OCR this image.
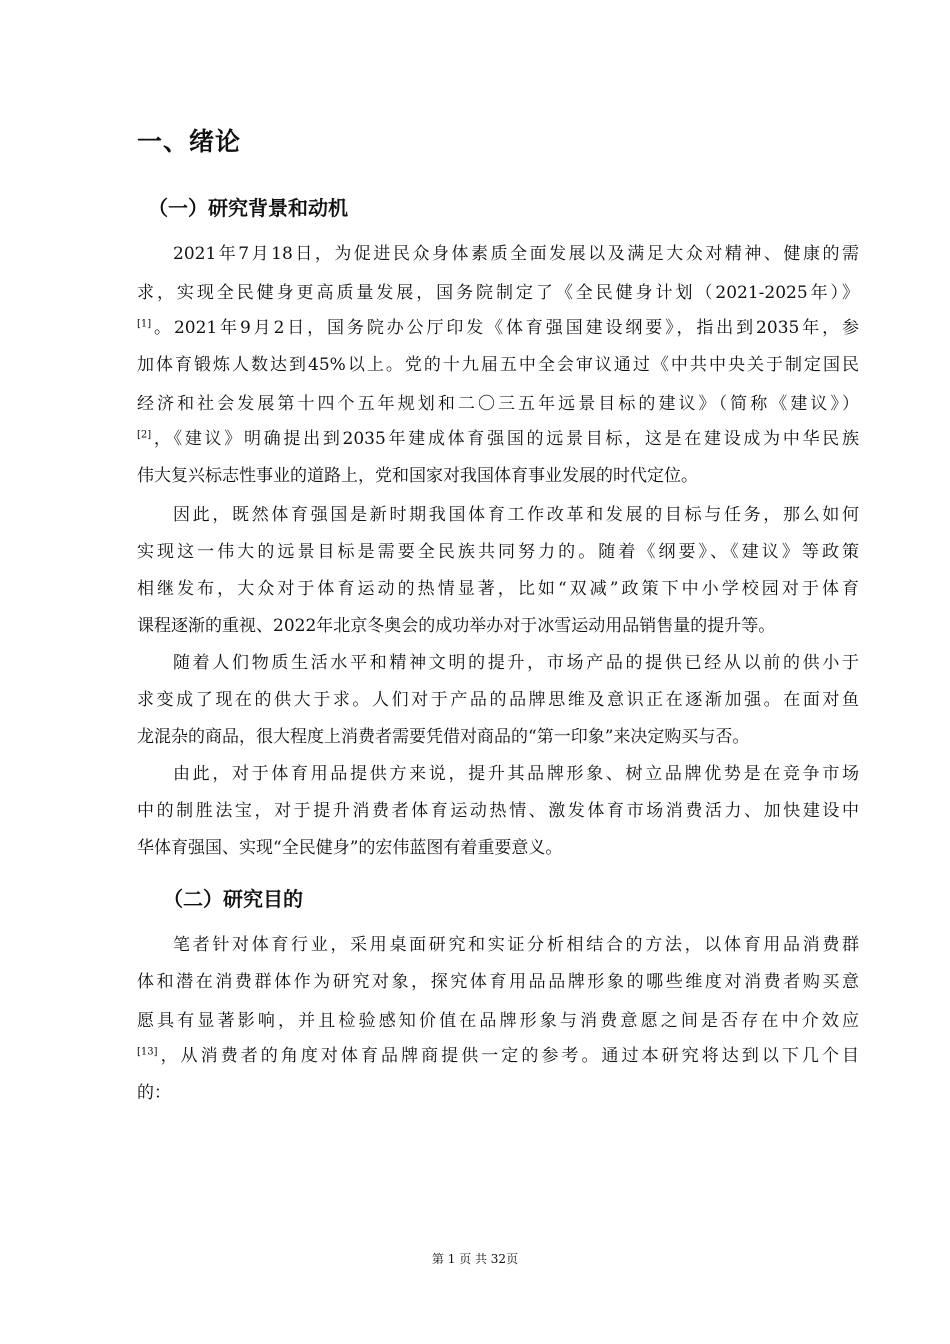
一、绪论
（一）研究背景和动机
2021年7月18日，为促进民众身体素质全面发展以及满足大众对精神、健康的需
求，实现全民健身更高质量发展，国务院制定了《全民健身计划（2021-2025年）》
[1]。2021年9月2日，国务院办公厅印发《体育强国建设纲要》，指出到2035年，参
加体育锻炼人数达到45%以上。党的十九届五中全会审议通过《中共中央关于制定国民
经济和社会发展第十四个五年规划和二〇三五年远景目标的建议》（简称《建议》）
[2]，《建议》明确提出到2035年建成体育强国的远景目标，这是在建设成为中华民族
伟大复兴标志性事业的道路上，党和国家对我国体育事业发展的时代定位。
因此，既然体育强国是新时期我国体育工作改革和发展的目标与任务，那么如何
实现这一伟大的远景目标是需要全民族共同努力的。随着《纲要》、《建议》等政策
相继发布，大众对于体育运动的热情显著，比如“双减”政策下中小学校园对于体育
课程逐渐的重视、2022年北京冬奥会的成功举办对于冰雪运动用品销售量的提升等。
随着人们物质生活水平和精神文明的提升，市场产品的提供已经从以前的供小于
求变成了现在的供大于求。人们对于产品的品牌思维及意识正在逐渐加强。在面对鱼
龙混杂的商品，很大程度上消费者需要凭借对商品的“第一印象”来决定购买与否。
由此，对于体育用品提供方来说，提升其品牌形象、树立品牌优势是在竞争市场
中的制胜法宝，对于提升消费者体育运动热情、激发体育市场消费活力、加快建设中
华体育强国、实现“全民健身”的宏伟蓝图有着重要意义。
（二）研究目的
笔者针对体育行业，采用桌面研究和实证分析相结合的方法，以体育用品消费群
体和潜在消费群体作为研究对象，探究体育用品品牌形象的哪些维度对消费者购买意
愿具有显著影响，并且检验感知价值在品牌形象与消费意愿之间是否存在中介效应
[13]，从消费者的角度对体育品牌商提供一定的参考。通过本研究将达到以下几个目
的：
第 1 页 共 32页
